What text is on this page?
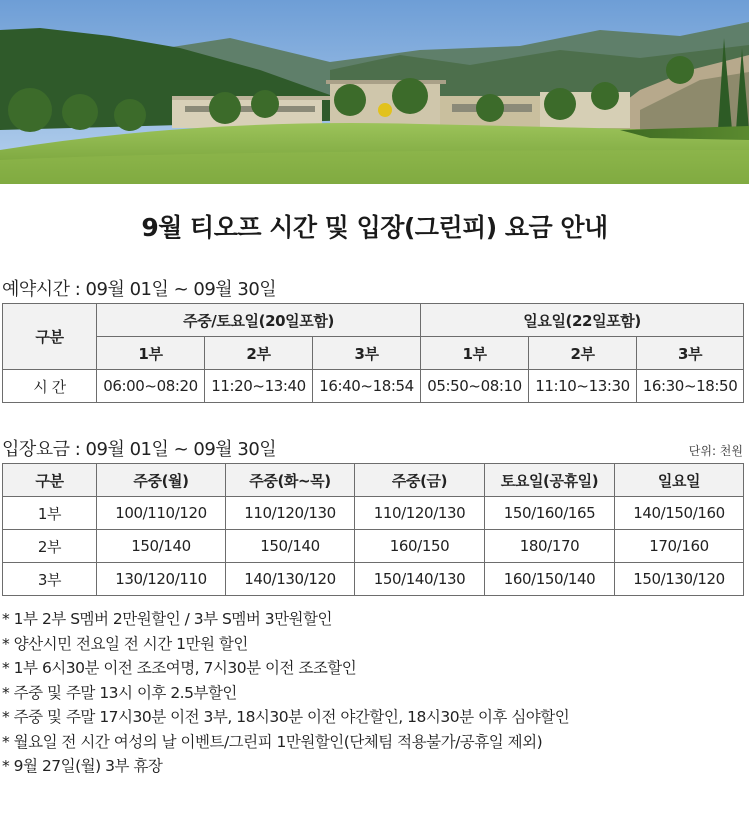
9월 티오프 시간 및 입장(그린피) 요금 안내
예약시간 : 09월 01일 ~ 09월 30일
구분	주중/토요일(20일포함)			일요일(22일포함)		
	1부	2부	3부	1부	2부	3부
시 간	06:00~08:20	11:20~13:40	16:40~18:54	05:50~08:10	11:10~13:30	16:30~18:50
입장요금 : 09월 01일 ~ 09월 30일	단위: 천원
구분	주중(월)	주중(화~목)	주중(금)	토요일(공휴일)	일요일
1부	100/110/120	110/120/130	110/120/130	150/160/165	140/150/160
2부	150/140	150/140	160/150	180/170	170/160
3부	130/120/110	140/130/120	150/140/130	160/150/140	150/130/120
* 1부 2부 S멤버 2만원할인 / 3부 S멤버 3만원할인
* 양산시민 전요일 전 시간 1만원 할인
* 1부 6시30분 이전 조조여명, 7시30분 이전 조조할인
* 주중 및 주말 13시 이후 2.5부할인
* 주중 및 주말 17시30분 이전 3부, 18시30분 이전 야간할인, 18시30분 이후 심야할인
* 월요일 전 시간 여성의 날 이벤트/그린피 1만원할인(단체팀 적용불가/공휴일 제외)
* 9월 27일(월) 3부 휴장
